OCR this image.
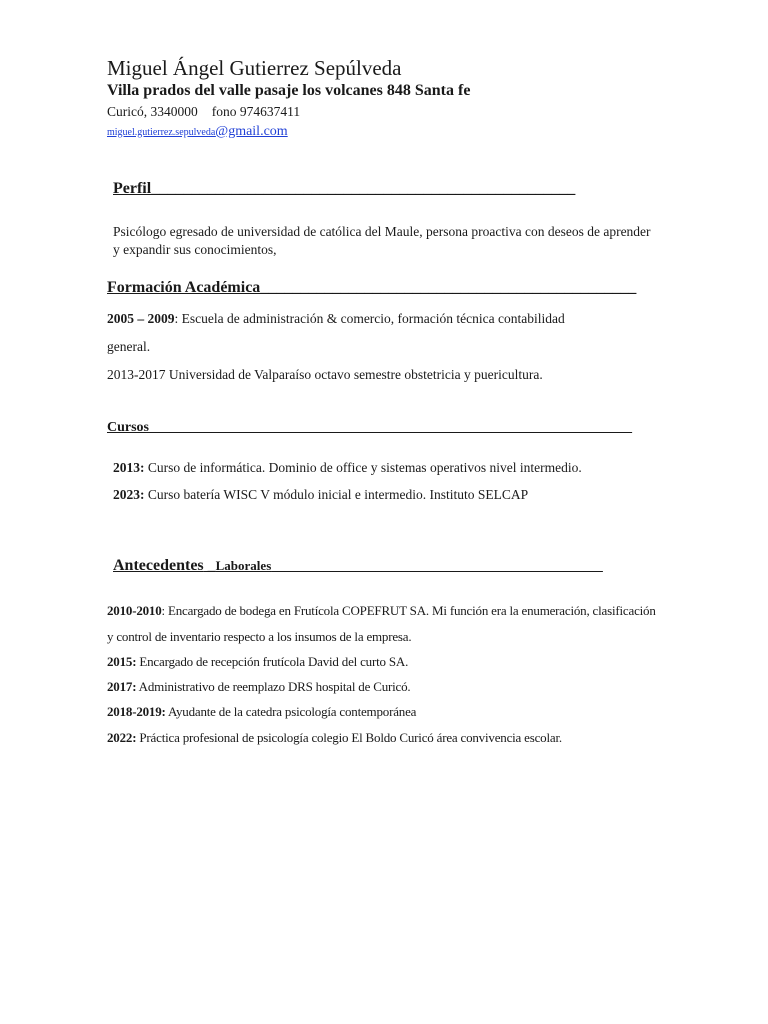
Miguel Ángel Gutierrez Sepúlveda
Villa prados del valle pasaje los volcanes 848 Santa fe
Curicó, 3340000 fono 974637411
miguel.gutierrez.sepulveda@gmail.com
Perfil_____________________________________________________
Psicólogo egresado de universidad de católica del Maule, persona proactiva con deseos de aprender
y expandir sus conocimientos,
Formación Académica_______________________________________________
2005 – 2009: Escuela de administración & comercio, formación técnica contabilidad
general.
2013-2017 Universidad de Valparaíso octavo semestre obstetricia y puericultura.
Cursos_____________________________________________________________________
2013: Curso de informática. Dominio de office y sistemas operativos nivel intermedio.
2023: Curso batería WISC V módulo inicial e intermedio. Instituto SELCAP
Antecedentes _Laborales___________________________________________________
2010-2010: Encargado de bodega en Frutícola COPEFRUT SA. Mi función era la enumeración, clasificación
y control de inventario respecto a los insumos de la empresa.
2015: Encargado de recepción frutícola David del curto SA.
2017: Administrativo de reemplazo DRS hospital de Curicó.
2018-2019: Ayudante de la catedra psicología contemporánea
2022: Práctica profesional de psicología colegio El Boldo Curicó área convivencia escolar.
